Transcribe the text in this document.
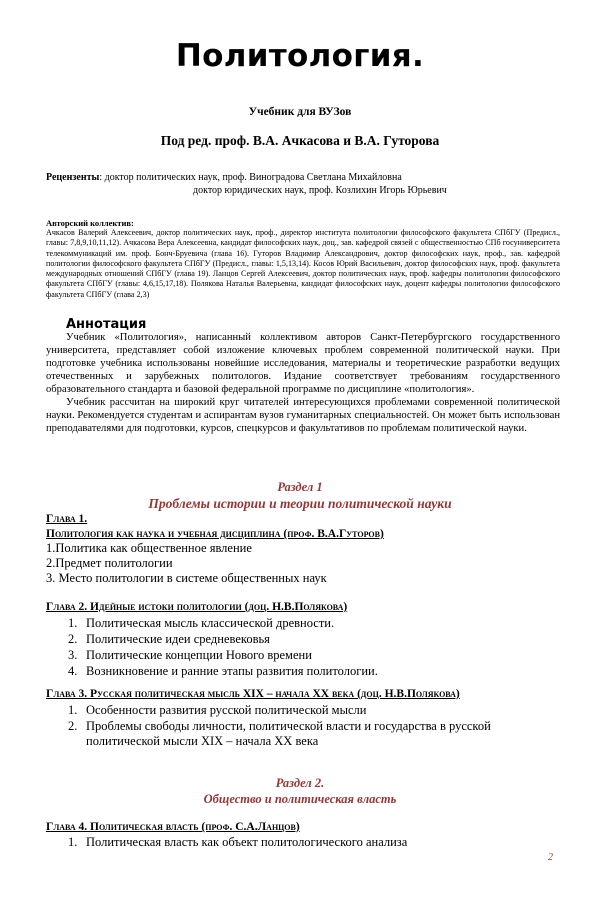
Политология.
Учебник для ВУЗов
Под ред. проф. В.А. Ачкасова и В.А. Гуторова
Рецензенты: доктор политических наук, проф. Виноградова Светлана Михайловна
доктор юридических наук, проф. Козлихин Игорь Юрьевич
Авторский коллектив:
Ачкасов Валерий Алексеевич, доктор политических наук, проф., директор института политологии философского факультета СПбГУ (Предисл., главы: 7,8,9,10,11,12). Ачкасова Вера Алексеевна, кандидат философских наук, доц., зав. кафедрой связей с общественностью СПб госуниверситета телекоммуникаций им. проф. Бонч-Бруевича (глава 16). Гуторов Владимир Александрович, доктор философских наук, проф., зав. кафедрой политологии философского факультета СПбГУ (Предисл., главы: 1,5,13,14). Косов Юрий Васильевич, доктор философских наук, проф. факультета международных отношений СПбГУ (глава 19). Ланцов Сергей Алексеевич, доктор политических наук, проф. кафедры политологии философского факультета СПбГУ (главы: 4,6,15,17,18). Полякова Наталья Валерьевна, кандидат философских наук, доцент кафедры политологии философского факультета СПбГУ (глава 2,3)
Аннотация

Учебник «Политология», написанный коллективом авторов Санкт-Петербургского государственного университета, представляет собой изложение ключевых проблем современной политической науки. При подготовке учебника использованы новейшие исследования, материалы и теоретические разработки ведущих отечественных и зарубежных политологов. Издание соответствует требованиям государственного образовательного стандарта и базовой федеральной программе по дисциплине «политология».

Учебник рассчитан на широкий круг читателей интересующихся проблемами современной политической науки. Рекомендуется студентам и аспирантам вузов гуманитарных специальностей. Он может быть использован преподавателями для подготовки, курсов, спецкурсов и факультативов по проблемам политической науки.

Раздел 1
Проблемы истории и теории политической науки
Глава 1.
Политология как наука и учебная дисциплина (проф. В.А.Гуторов)
1.Политика как общественное явление
2.Предмет политологии
3. Место политологии в системе общественных наук
Глава 2. Идейные истоки политологии (доц. Н.В.Полякова)
1. Политическая мысль классической древности.
2. Политические идеи средневековья
3. Политические концепции Нового времени
4. Возникновение и ранние этапы развития политологии.
Глава 3. Русская политическая мысль XIX – начала XX века (доц. Н.В.Полякова)
1. Особенности развития русской политической мысли
2. Проблемы свободы личности, политической власти и государства в русской политической мысли XIX – начала XX века
Раздел 2.
Общество и политическая власть
Глава 4. Политическая власть (проф. С.А.Ланцов)
1. Политическая власть как объект политологического анализа
2
